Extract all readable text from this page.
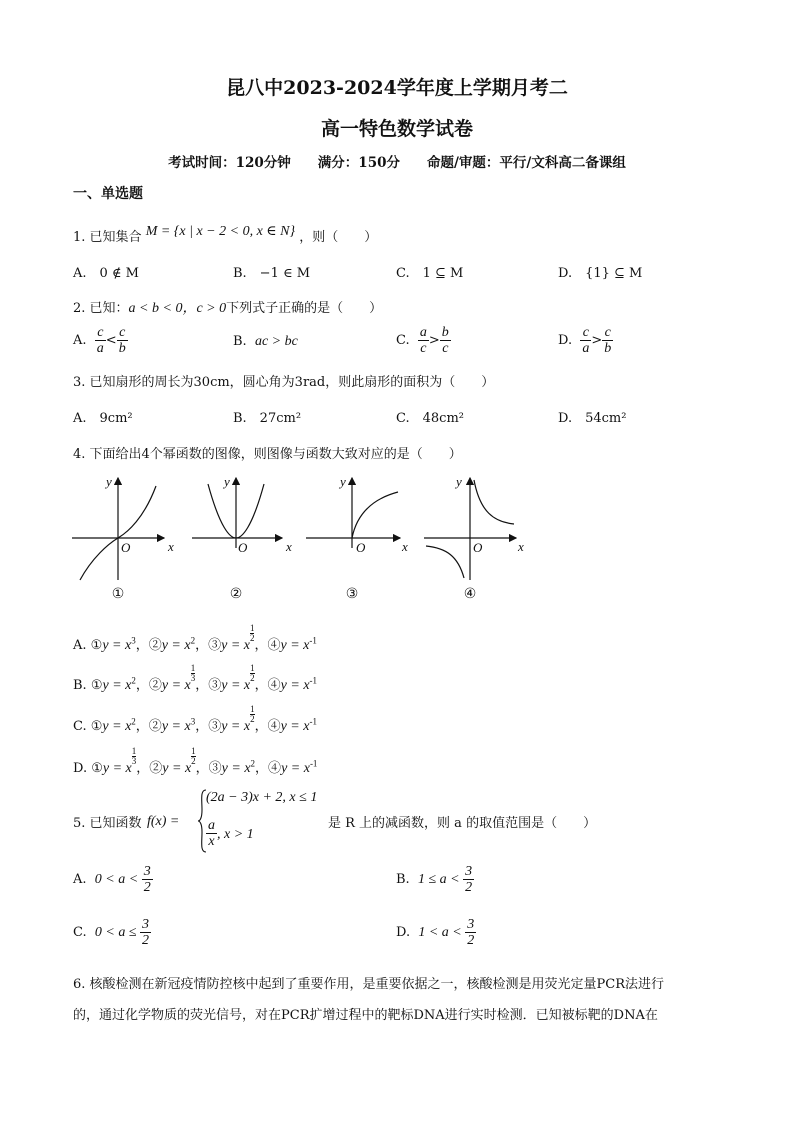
昆八中2023-2024学年度上学期月考二
高一特色数学试卷
考试时间：120分钟　　满分：150分　　命题/审题：平行/文科高二备课组
一、单选题
1. 已知集合 M = {x | x − 2 < 0, x ∈ N} ，则（　　）
A.　0 ∉ M	B.　−1 ∈ M	C.　1 ⊆ M	D.　{1} ⊆ M
2. 已知：a < b < 0，c > 0下列式子正确的是（　　）
A. $\frac{c}{a} < \frac{c}{b}$	B. ac > bc	C. $\frac{a}{c} > \frac{b}{c}$	D. $\frac{c}{a} > \frac{c}{b}$
3. 已知扇形的周长为30cm，圆心角为3rad，则此扇形的面积为（　　）
A.　9cm²	B.　27cm²	C.　48cm²	D.　54cm²
4. 下面给出4个幂函数的图像，则图像与函数大致对应的是（　　）
y
x
O
y
x
O
y
x
O
y
x
O
①	②	③	④
A. ①y = $x^3$，②y = $x^2$，③y = x
$\frac{1}{2}$
，④y = $x^{-1}$
B. ①y = $x^2$，②y = x
$\frac{1}{3}$
，③y = x
$\frac{1}{2}$
，④y = $x^{-1}$
C. ①y = $x^2$，②y = $x^3$，③y = x
$\frac{1}{2}$
，④y = $x^{-1}$
D. ①y = x
$\frac{1}{3}$
，②y = x
$\frac{1}{2}$
，③y = $x^2$，④y = $x^{-1}$
5. 已知函数 f(x) =
(2a − 3)x + 2, x ≤ 1
$\frac{a}{x}$ , x > 1
是 R 上的减函数，则 a 的取值范围是（　　）
A. $0 < a < \frac{3}{2}$	B. $1 \le a < \frac{3}{2}$
C. $0 < a \le \frac{3}{2}$	D. $1 < a < \frac{3}{2}$
6. 核酸检测在新冠疫情防控核中起到了重要作用，是重要依据之一，核酸检测是用荧光定量PCR法进行
的，通过化学物质的荧光信号，对在PCR扩增过程中的靶标DNA进行实时检测．已知被标靶的DNA在
